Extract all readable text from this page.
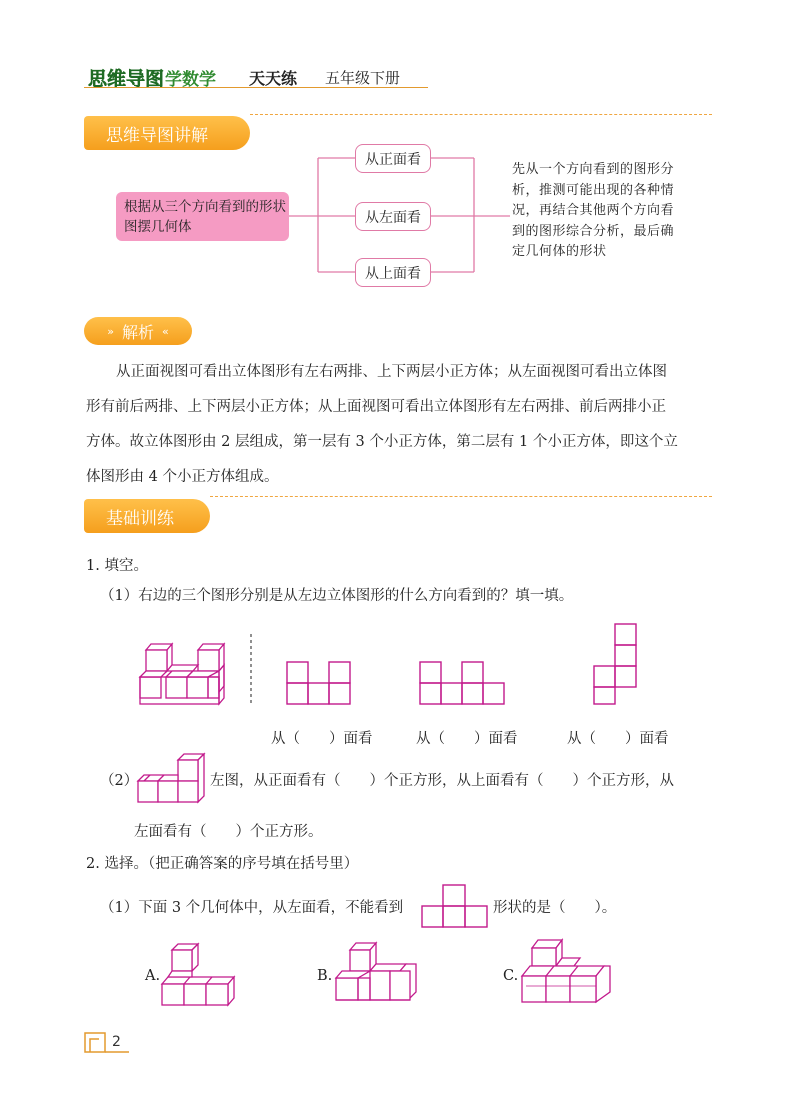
思维导图 学数学 天天练 五年级下册
思维导图讲解
根据从三个方向看到的形状图摆几何体
从正面看
从左面看
从上面看
先从一个方向看到的图形分析，推测可能出现的各种情况，再结合其他两个方向看到的图形综合分析，最后确定几何体的形状
» 解析 «
从正面视图可看出立体图形有左右两排、上下两层小正方体；从左面视图可看出立体图
形有前后两排、上下两层小正方体；从上面视图可看出立体图形有左右两排、前后两排小正
方体。故立体图形由 2 层组成，第一层有 3 个小正方体，第二层有 1 个小正方体，即这个立
体图形由 4 个小正方体组成。
基础训练
1. 填空。
（1）右边的三个图形分别是从左边立体图形的什么方向看到的？填一填。
从（　　）面看	从（　　）面看	从（　　）面看
（2）	左图，从正面看有（　　）个正方形，从上面看有（　　）个正方形，从
左面看有（　　）个正方形。
2. 选择。（把正确答案的序号填在括号里）
（1）下面 3 个几何体中，从左面看，不能看到	形状的是（　　）。
A.	B.	C.
2
